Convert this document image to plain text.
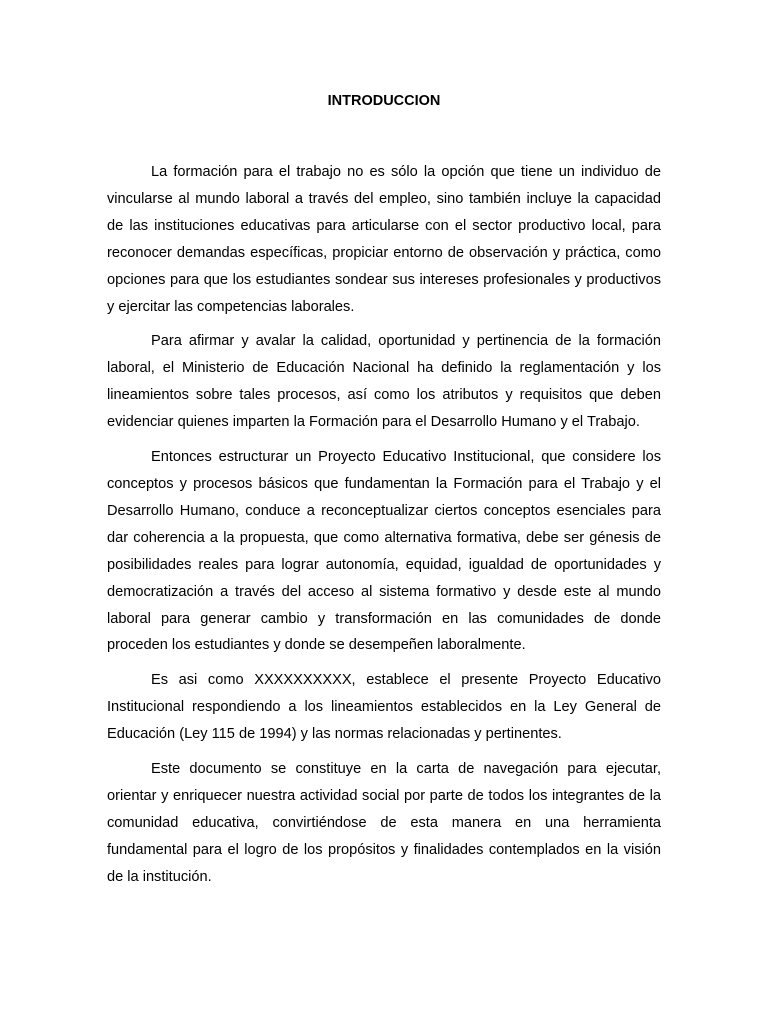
INTRODUCCION

La formación para el trabajo no es sólo la opción que tiene un individuo de vincularse al mundo laboral a través del empleo, sino también incluye la capacidad de las instituciones educativas para articularse con el sector productivo local, para reconocer demandas específicas, propiciar entorno de observación y práctica, como opciones para que los estudiantes sondear sus intereses profesionales y productivos y ejercitar las competencias laborales.

Para afirmar y avalar la calidad, oportunidad y pertinencia de la formación laboral, el Ministerio de Educación Nacional ha definido la reglamentación y los lineamientos sobre tales procesos, así como los atributos y requisitos que deben evidenciar quienes imparten la Formación para el Desarrollo Humano y el Trabajo.

Entonces estructurar un Proyecto Educativo Institucional, que considere los conceptos y procesos básicos que fundamentan la Formación para el Trabajo y el Desarrollo Humano, conduce a reconceptualizar ciertos conceptos esenciales para dar coherencia a la propuesta, que como alternativa formativa, debe ser génesis de posibilidades reales para lograr autonomía, equidad, igualdad de oportunidades y democratización a través del acceso al sistema formativo y desde este al mundo laboral para generar cambio y transformación en las comunidades de donde proceden los estudiantes y donde se desempeñen laboralmente.

Es asi como XXXXXXXXXX, establece el presente Proyecto Educativo Institucional respondiendo a los lineamientos establecidos en la Ley General de Educación (Ley 115 de 1994) y las normas relacionadas y pertinentes.

Este documento se constituye en la carta de navegación para ejecutar, orientar y enriquecer nuestra actividad social por parte de todos los integrantes de la comunidad educativa, convirtiéndose de esta manera en una herramienta fundamental para el logro de los propósitos y finalidades contemplados en la visión de la institución.
